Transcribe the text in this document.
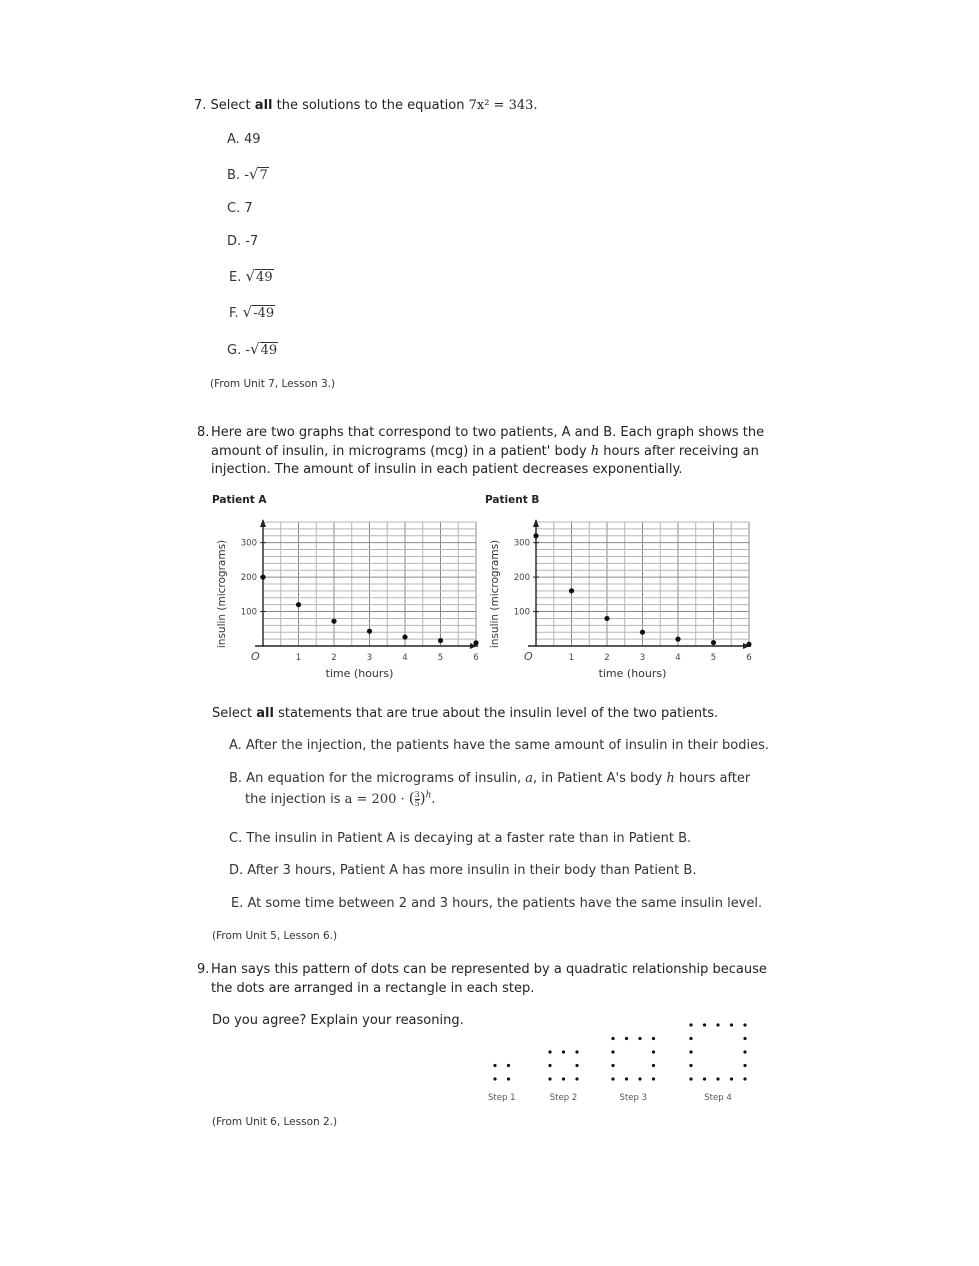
7. Select all the solutions to the equation 7x² = 343.
A. 49
B. -√7
C. 7
D. -7
E. √49
F. √-49
G. -√49
(From Unit 7, Lesson 3.)
8. Here are two graphs that correspond to two patients, A and B. Each graph shows the
amount of insulin, in micrograms (mcg) in a patient' body h hours after receiving an
injection. The amount of insulin in each patient decreases exponentially.
Patient A	Patient B
1	2	3	4	5	6
100
200
300
O
time (hours)
insulin (micrograms)
1	2	3	4	5	6
100
200
300
O
time (hours)
insulin (micrograms)
Select all statements that are true about the insulin level of the two patients.
A. After the injection, the patients have the same amount of insulin in their bodies.
B. An equation for the micrograms of insulin, a, in Patient A's body h hours after
the injection is a = 200 · ( $\frac{3}{5} )^h$.
C. The insulin in Patient A is decaying at a faster rate than in Patient B.
D. After 3 hours, Patient A has more insulin in their body than Patient B.
E. At some time between 2 and 3 hours, the patients have the same insulin level.
(From Unit 5, Lesson 6.)
9. Han says this pattern of dots can be represented by a quadratic relationship because
the dots are arranged in a rectangle in each step.
Do you agree? Explain your reasoning.
Step 1	Step 2	Step 3	Step 4
(From Unit 6, Lesson 2.)
